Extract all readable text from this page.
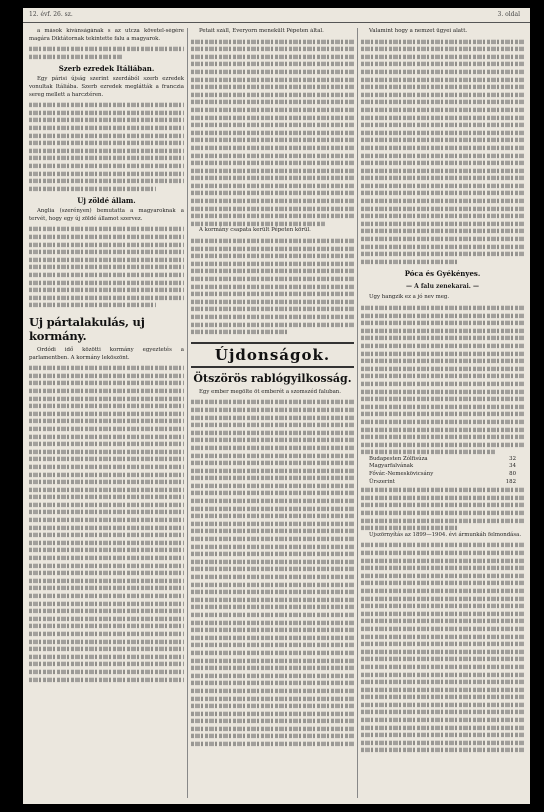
12. évf. 26. sz.	3. oldal

a mások kívánságának s az utcza követel-ségére magára Diktátornak tekintette falu a magyarok.

Szerb ezredek Itáliában.

Egy párisi újság szerint szerdából szerb ezredek vonultak Itáliába. Szerb ezredek meglátták a franczia sereg mellett a harcztéren.

Uj zöldé állam.

Anglia (szerényen) bemutatta a magyaroknak a tervét, hogy egy új zöldé államot szervez.

Uj pártalakulás, uj kormány.

Ordódi idő közötti kormány egyeztetés a parlamentben. A kormány leköszönt.

Petait száll, Everyorn menekült Pépeten által.

A kormány csapata került Pépeten körül.

Újdonságok.
Ötszörös rablógyilkosság.

Egy ember megölte öt emberét a szomszéd faluban.

Valamint hogy a nemzet ügyei alatt.

Póca és Gyékényes.
— A falu zenekarai. —

Ugy hangzik ez a jó nev meg.

Budapesten Zólfisúza	32
Magyarfalvának	34
Fővár.-Nemeskövicsány	80
Ürszerint	182

Ujszörnyítás az 1899—1904. évi ármunkáh felmondása.
